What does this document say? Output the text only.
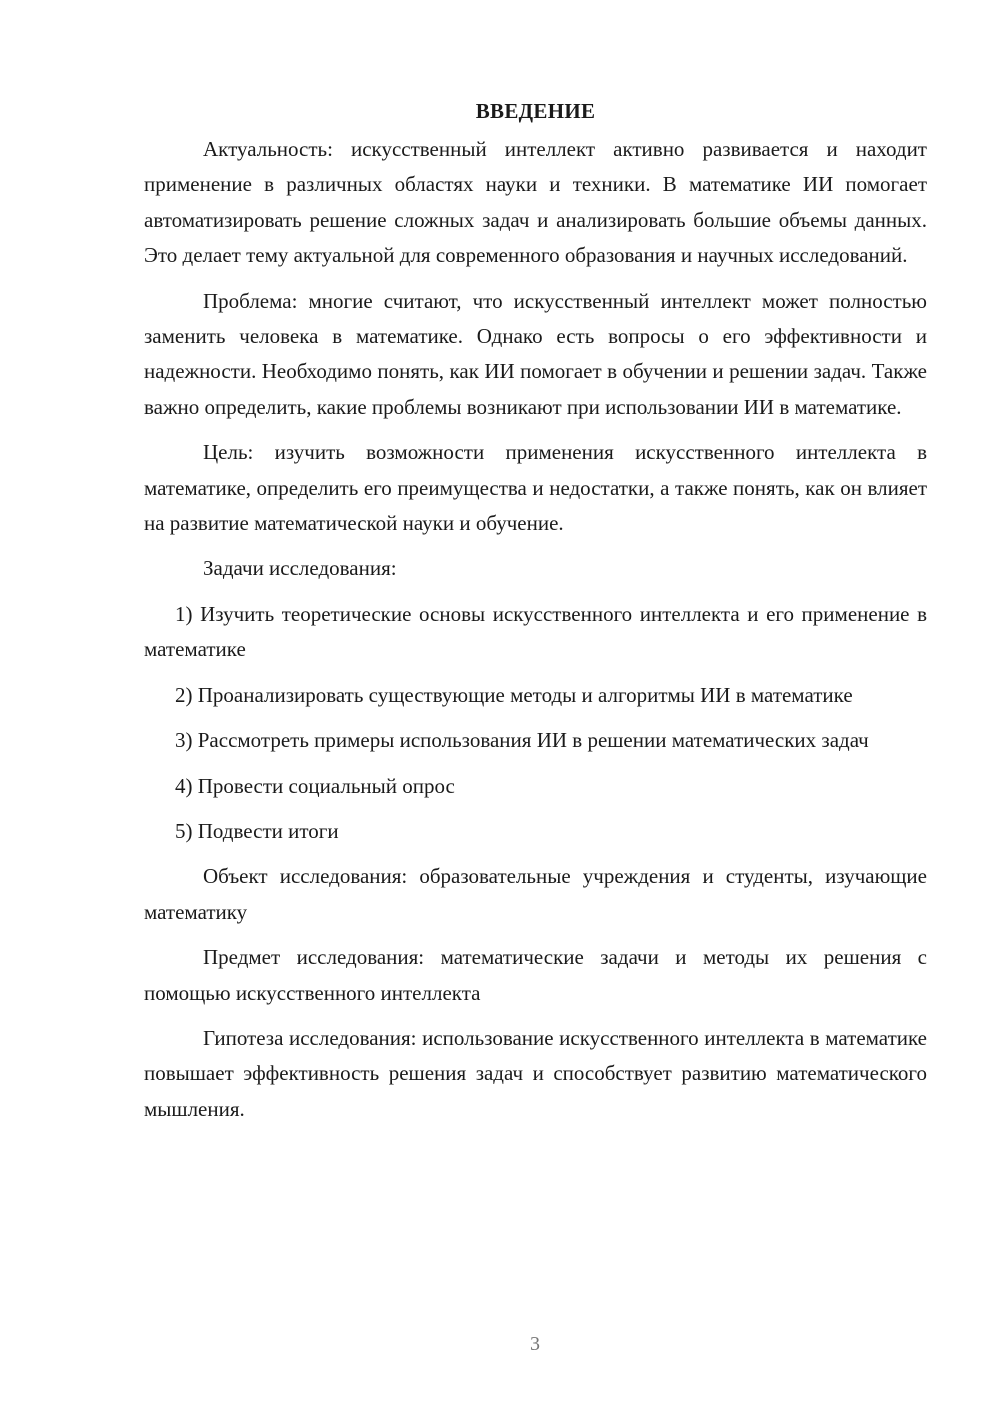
ВВЕДЕНИЕ

Актуальность: искусственный интеллект активно развивается и находит применение в различных областях науки и техники. В математике ИИ помогает автоматизировать решение сложных задач и анализировать большие объемы данных. Это делает тему актуальной для современного образования и научных исследований.

Проблема: многие считают, что искусственный интеллект может полностью заменить человека в математике. Однако есть вопросы о его эффективности и надежности. Необходимо понять, как ИИ помогает в обучении и решении задач. Также важно определить, какие проблемы возникают при использовании ИИ в математике.

Цель: изучить возможности применения искусственного интеллекта в математике, определить его преимущества и недостатки, а также понять, как он влияет на развитие математической науки и обучение.

Задачи исследования:

1) Изучить теоретические основы искусственного интеллекта и его применение в математике

2) Проанализировать существующие методы и алгоритмы ИИ в математике

3) Рассмотреть примеры использования ИИ в решении математических задач

4) Провести социальный опрос

5) Подвести итоги

Объект исследования: образовательные учреждения и студенты, изучающие математику

Предмет исследования: математические задачи и методы их решения с помощью искусственного интеллекта

Гипотеза исследования: использование искусственного интеллекта в математике повышает эффективность решения задач и способствует развитию математического мышления.

3
